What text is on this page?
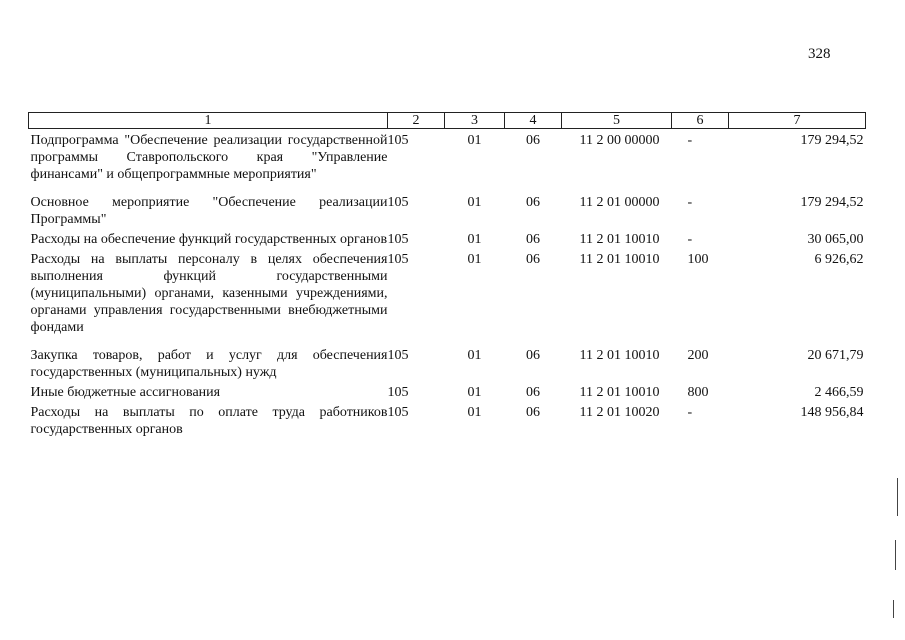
328
1	2	3	4	5	6	7
Подпрограмма "Обеспечение реализации государственной программы Ставропольского края "Управление финансами" и общепрограммные мероприятия"	105	01	06	11 2 00 00000	-	179 294,52
Основное мероприятие "Обеспечение реализации Программы"	105	01	06	11 2 01 00000	-	179 294,52
Расходы на обеспечение функций государственных органов	105	01	06	11 2 01 10010	-	30 065,00
Расходы на выплаты персоналу в целях обеспечения выполнения функций государственными (муниципальными) органами, казенными учреждениями, органами управления государственными внебюджетными фондами	105	01	06	11 2 01 10010	100	6 926,62
Закупка товаров, работ и услуг для обеспечения государственных (муниципальных) нужд	105	01	06	11 2 01 10010	200	20 671,79
Иные бюджетные ассигнования	105	01	06	11 2 01 10010	800	2 466,59
Расходы на выплаты по оплате труда работников государственных органов	105	01	06	11 2 01 10020	-	148 956,84
